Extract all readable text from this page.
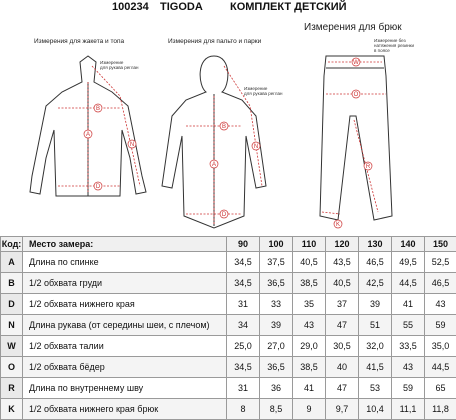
100234 TIGODA КОМПЛЕКТ ДЕТСКИЙ
Измерения для жакета и топа	Измерения для пальто и парки
Измерения для брюк
Измерение
для рукава реглан
Измерение
для рукава реглан
Измерение без
натяжения резинки
в поясе
A
B
D
N
A
B
D
N
W
O
R
K
Код:	Место замера:	90	100	110	120	130	140	150
A	Длина по спинке	34,5	37,5	40,5	43,5	46,5	49,5	52,5
B	1/2 обхвата груди	34,5	36,5	38,5	40,5	42,5	44,5	46,5
D	1/2 обхвата нижнего края	31	33	35	37	39	41	43
N	Длина рукава (от середины шеи, с плечом)	34	39	43	47	51	55	59
W	1/2 обхвата талии	25,0	27,0	29,0	30,5	32,0	33,5	35,0
O	1/2 обхвата бёдер	34,5	36,5	38,5	40	41,5	43	44,5
R	Длина по внутреннему шву	31	36	41	47	53	59	65
K	1/2 обхвата нижнего края брюк	8	8,5	9	9,7	10,4	11,1	11,8
